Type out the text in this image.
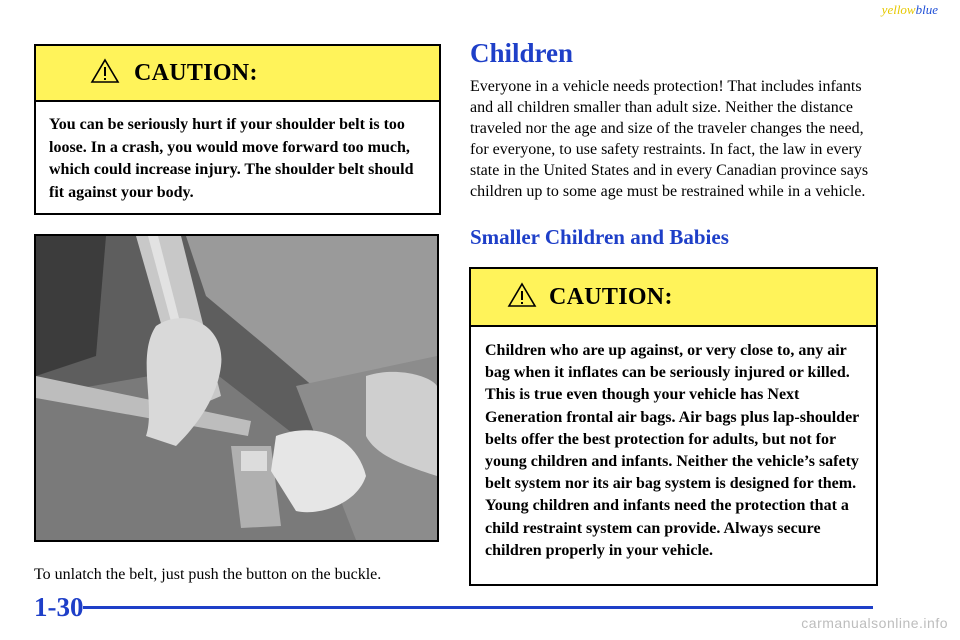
yellowblue
CAUTION:
You can be seriously hurt if your shoulder belt is too loose. In a crash, you would move forward too much, which could increase injury. The shoulder belt should fit against your body.
To unlatch the belt, just push the button on the buckle.
Children
Everyone in a vehicle needs protection! That includes infants and all children smaller than adult size. Neither the distance traveled nor the age and size of the traveler changes the need, for everyone, to use safety restraints. In fact, the law in every state in the United States and in every Canadian province says children up to some age must be restrained while in a vehicle.
Smaller Children and Babies
CAUTION:
Children who are up against, or very close to, any air bag when it inflates can be seriously injured or killed. This is true even though your vehicle has Next Generation frontal air bags. Air bags plus lap-shoulder belts offer the best protection for adults, but not for young children and infants. Neither the vehicle’s safety belt system nor its air bag system is designed for them. Young children and infants need the protection that a child restraint system can provide. Always secure children properly in your vehicle.
1-30
carmanualsonline.info
